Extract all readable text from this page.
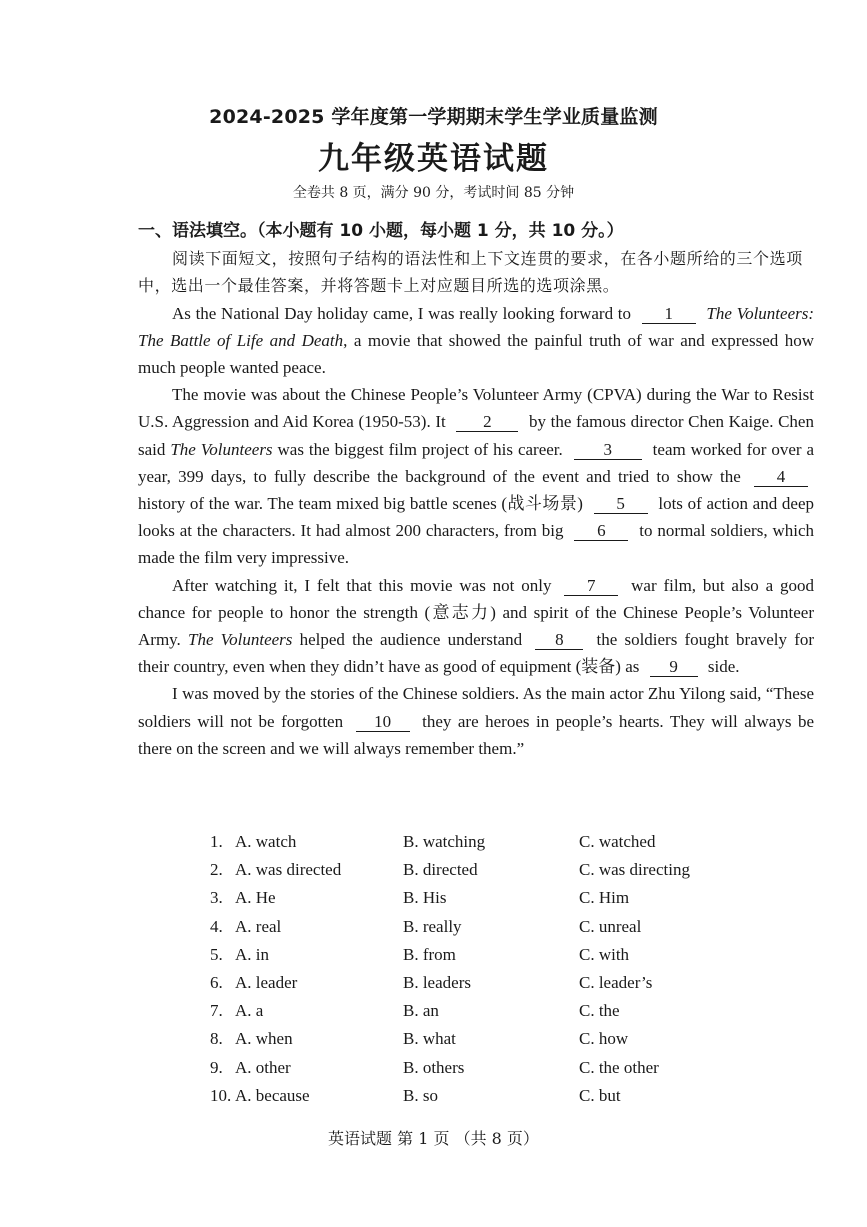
2024-2025 学年度第一学期期末学生学业质量监测
九年级英语试题
全卷共 8 页，满分 90 分，考试时间 85 分钟
一、语法填空。（本小题有 10 小题，每小题 1 分，共 10 分。）
阅读下面短文，按照句子结构的语法性和上下文连贯的要求，在各小题所给的三个选项中，选出一个最佳答案，并将答题卡上对应题目所选的选项涂黑。
As the National Day holiday came, I was really looking forward to 1 The Volunteers: The Battle of Life and Death, a movie that showed the painful truth of war and expressed how much people wanted peace.
The movie was about the Chinese People’s Volunteer Army (CPVA) during the War to Resist U.S. Aggression and Aid Korea (1950-53). It 2 by the famous director Chen Kaige. Chen said The Volunteers was the biggest film project of his career. 3 team worked for over a year, 399 days, to fully describe the background of the event and tried to show the 4 history of the war. The team mixed big battle scenes (战斗场景) 5 lots of action and deep looks at the characters. It had almost 200 characters, from big 6 to normal soldiers, which made the film very impressive.
After watching it, I felt that this movie was not only 7 war film, but also a good chance for people to honor the strength (意志力) and spirit of the Chinese People’s Volunteer Army. The Volunteers helped the audience understand 8 the soldiers fought bravely for their country, even when they didn’t have as good of equipment (装备) as 9 side.
I was moved by the stories of the Chinese soldiers. As the main actor Zhu Yilong said, “These soldiers will not be forgotten 10 they are heroes in people’s hearts. They will always be there on the screen and we will always remember them.”
1. A. watch	B. watching	C. watched
2. A. was directed	B. directed	C. was directing
3. A. He	B. His	C. Him
4. A. real	B. really	C. unreal
5. A. in	B. from	C. with
6. A. leader	B. leaders	C. leader’s
7. A. a	B. an	C. the
8. A. when	B. what	C. how
9. A. other	B. others	C. the other
10. A. because	B. so	C. but
英语试题 第 1 页 （共 8 页）
